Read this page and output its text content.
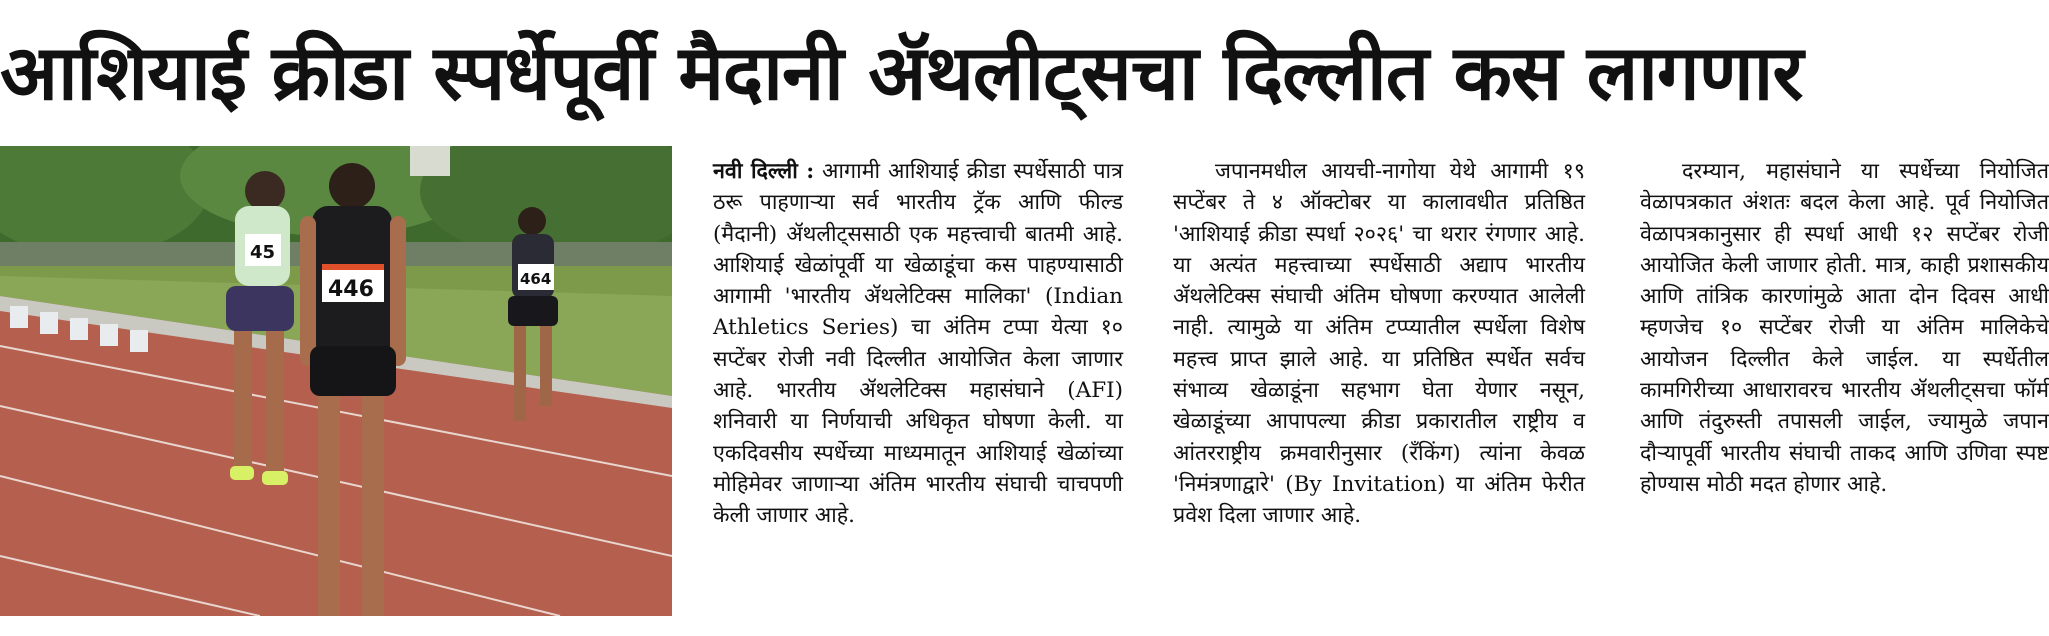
आशियाई क्रीडा स्पर्धेपूर्वी मैदानी ॲथलीट्सचा दिल्लीत कस लागणार
45
446	464

नवी दिल्ली : आगामी आशियाई क्रीडा स्पर्धेसाठी पात्र ठरू पाहणाऱ्या सर्व भारतीय ट्रॅक आणि फील्ड (मैदानी) ॲथलीट्ससाठी एक महत्त्वाची बातमी आहे. आशियाई खेळांपूर्वी या खेळाडूंचा कस पाहण्यासाठी आगामी 'भारतीय ॲथलेटिक्स मालिका' (Indian Athletics Series) चा अंतिम टप्पा येत्या १० सप्टेंबर रोजी नवी दिल्लीत आयोजित केला जाणार आहे. भारतीय ॲथलेटिक्स महासंघाने (AFI) शनिवारी या निर्णयाची अधिकृत घोषणा केली. या एकदिवसीय स्पर्धेच्या माध्यमातून आशियाई खेळांच्या मोहिमेवर जाणाऱ्या अंतिम भारतीय संघाची चाचपणी केली जाणार आहे.

जपानमधील आयची-नागोया येथे आगामी १९ सप्टेंबर ते ४ ऑक्टोबर या कालावधीत प्रतिष्ठित 'आशियाई क्रीडा स्पर्धा २०२६' चा थरार रंगणार आहे. या अत्यंत महत्त्वाच्या स्पर्धेसाठी अद्याप भारतीय ॲथलेटिक्स संघाची अंतिम घोषणा करण्यात आलेली नाही. त्यामुळे या अंतिम टप्प्यातील स्पर्धेला विशेष महत्त्व प्राप्त झाले आहे. या प्रतिष्ठित स्पर्धेत सर्वच संभाव्य खेळाडूंना सहभाग घेता येणार नसून, खेळाडूंच्या आपापल्या क्रीडा प्रकारातील राष्ट्रीय व आंतरराष्ट्रीय क्रमवारीनुसार (रँकिंग) त्यांना केवळ 'निमंत्रणाद्वारे' (By Invitation) या अंतिम फेरीत प्रवेश दिला जाणार आहे.

दरम्यान, महासंघाने या स्पर्धेच्या नियोजित वेळापत्रकात अंशतः बदल केला आहे. पूर्व नियोजित वेळापत्रकानुसार ही स्पर्धा आधी १२ सप्टेंबर रोजी आयोजित केली जाणार होती. मात्र, काही प्रशासकीय आणि तांत्रिक कारणांमुळे आता दोन दिवस आधी म्हणजेच १० सप्टेंबर रोजी या अंतिम मालिकेचे आयोजन दिल्लीत केले जाईल. या स्पर्धेतील कामगिरीच्या आधारावरच भारतीय ॲथलीट्सचा फॉर्म आणि तंदुरुस्ती तपासली जाईल, ज्यामुळे जपान दौऱ्यापूर्वी भारतीय संघाची ताकद आणि उणिवा स्पष्ट होण्यास मोठी मदत होणार आहे.
